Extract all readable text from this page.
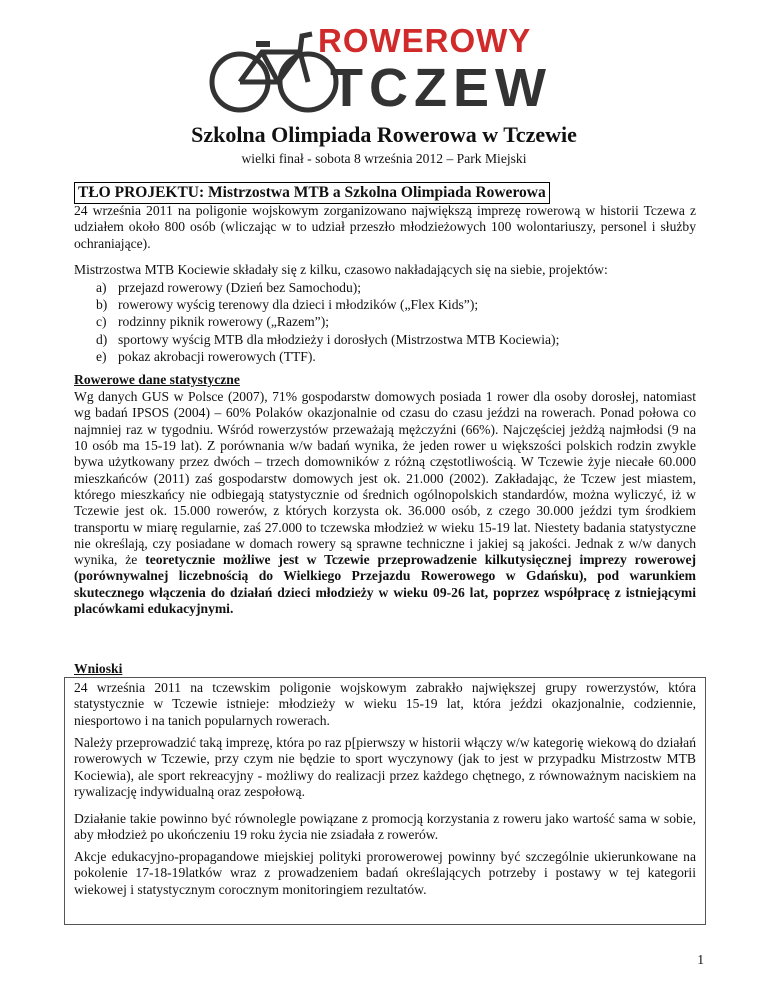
ROWEROWY
TCZEW
Szkolna Olimpiada Rowerowa w Tczewie
wielki finał - sobota 8 września 2012 – Park Miejski
TŁO PROJEKTU: Mistrzostwa MTB a Szkolna Olimpiada Rowerowa
24 września 2011 na poligonie wojskowym zorganizowano największą imprezę rowerową w historii Tczewa z udziałem około 800 osób (wliczając w to udział przeszło młodzieżowych 100 wolontariuszy, personel i służby ochraniające).
Mistrzostwa MTB Kociewie składały się z kilku, czasowo nakładających się na siebie, projektów:
a) przejazd rowerowy (Dzień bez Samochodu);
b) rowerowy wyścig terenowy dla dzieci i młodzików („Flex Kids”);
c) rodzinny piknik rowerowy („Razem”);
d) sportowy wyścig MTB dla młodzieży i dorosłych (Mistrzostwa MTB Kociewia);
e) pokaz akrobacji rowerowych (TTF).
Rowerowe dane statystyczne
Wg danych GUS w Polsce (2007), 71% gospodarstw domowych posiada 1 rower dla osoby dorosłej, natomiast wg badań IPSOS (2004) – 60% Polaków okazjonalnie od czasu do czasu jeździ na rowerach. Ponad połowa co najmniej raz w tygodniu. Wśród rowerzystów przeważają mężczyźni (66%). Najczęściej jeżdżą najmłodsi (9 na 10 osób ma 15-19 lat). Z porównania w/w badań wynika, że jeden rower u większości polskich rodzin zwykle bywa użytkowany przez dwóch – trzech domowników z różną częstotliwością. W Tczewie żyje niecałe 60.000 mieszkańców (2011) zaś gospodarstw domowych jest ok. 21.000 (2002). Zakładając, że Tczew jest miastem, którego mieszkańcy nie odbiegają statystycznie od średnich ogólnopolskich standardów, można wyliczyć, iż w Tczewie jest ok. 15.000 rowerów, z których korzysta ok. 36.000 osób, z czego 30.000 jeździ tym środkiem transportu w miarę regularnie, zaś 27.000 to tczewska młodzież w wieku 15-19 lat. Niestety badania statystyczne nie określają, czy posiadane w domach rowery są sprawne techniczne i jakiej są jakości. Jednak z w/w danych wynika, że teoretycznie możliwe jest w Tczewie przeprowadzenie kilkutysięcznej imprezy rowerowej (porównywalnej liczebnością do Wielkiego Przejazdu Rowerowego w Gdańsku), pod warunkiem skutecznego włączenia do działań dzieci młodzieży w wieku 09-26 lat, poprzez współpracę z istniejącymi placówkami edukacyjnymi.
Wnioski
24 września 2011 na tczewskim poligonie wojskowym zabrakło największej grupy rowerzystów, która statystycznie w Tczewie istnieje: młodzieży w wieku 15-19 lat, która jeździ okazjonalnie, codziennie, niesportowo i na tanich popularnych rowerach.
Należy przeprowadzić taką imprezę, która po raz p[pierwszy w historii włączy w/w kategorię wiekową do działań rowerowych w Tczewie, przy czym nie będzie to sport wyczynowy (jak to jest w przypadku Mistrzostw MTB Kociewia), ale sport rekreacyjny - możliwy do realizacji przez każdego chętnego, z równoważnym naciskiem na rywalizację indywidualną oraz zespołową.
Działanie takie powinno być równolegle powiązane z promocją korzystania z roweru jako wartość sama w sobie, aby młodzież po ukończeniu 19 roku życia nie zsiadała z rowerów.
Akcje edukacyjno-propagandowe miejskiej polityki prorowerowej powinny być szczególnie ukierunkowane na pokolenie 17-18-19latków wraz z prowadzeniem badań określających potrzeby i postawy w tej kategorii wiekowej i statystycznym corocznym monitoringiem rezultatów.
1
